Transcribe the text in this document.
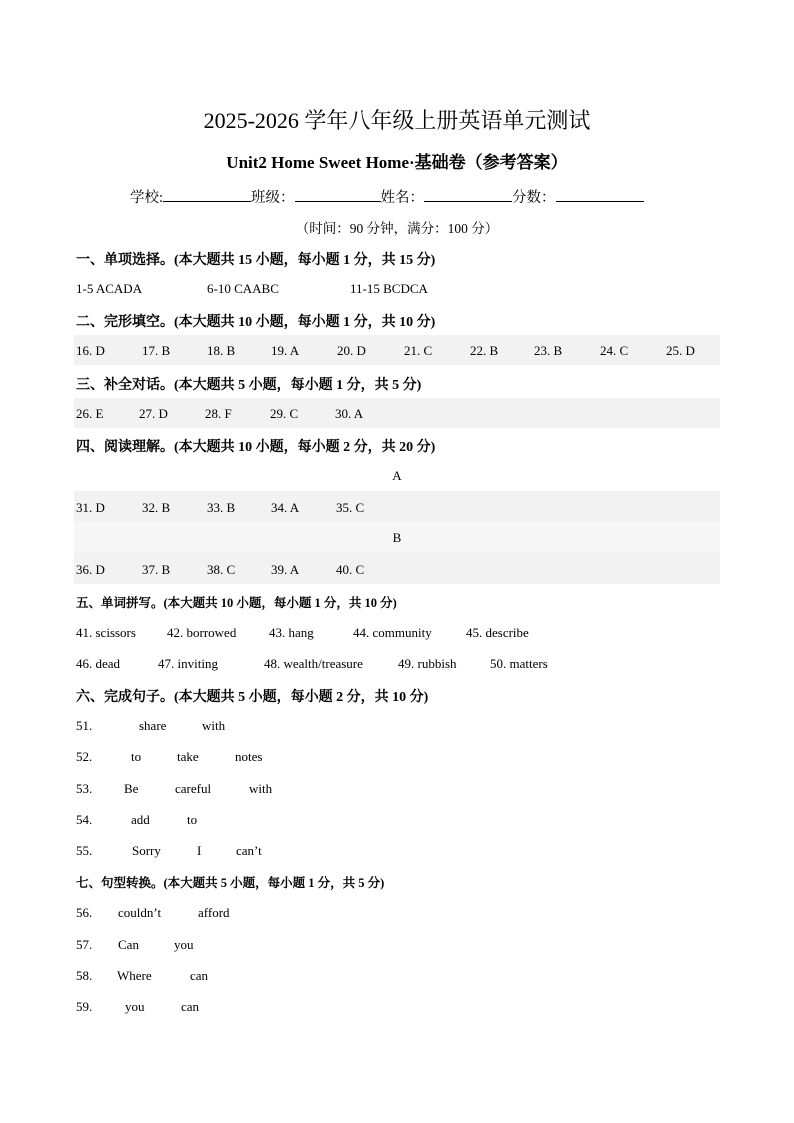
2025-2026 学年八年级上册英语单元测试
Unit2 Home Sweet Home·基础卷（参考答案）
学校:	班级：	姓名：	分数：
（时间：90 分钟，满分：100 分）
一、单项选择。(本大题共 15 小题，每小题 1 分，共 15 分)
1-5 ACADA	6-10 CAABC	11-15 BCDCA
二、完形填空。(本大题共 10 小题，每小题 1 分，共 10 分)
16. D	17. B	18. B	19. A	20. D	21. C	22. B	23. B	24. C	25. D
三、补全对话。(本大题共 5 小题，每小题 1 分，共 5 分)
26. E	27. D	28. F	29. C	30. A
四、阅读理解。(本大题共 10 小题，每小题 2 分，共 20 分)
A
31. D	32. B	33. B	34. A	35. C
B
36. D	37. B	38. C	39. A	40. C
五、单词拼写。(本大题共 10 小题，每小题 1 分，共 10 分)
41. scissors 42. borrowed	43. hang	44. community	45. describe
46. dead	47. inviting	48. wealth/treasure	49. rubbish	50. matters
六、完成句子。(本大题共 5 小题，每小题 2 分，共 10 分)
51.	share	with
52.	to	take	notes
53. Be	careful	with
54.	add	to
55.	Sorry	I	can’t
七、句型转换。(本大题共 5 小题，每小题 1 分，共 5 分)
56. couldn’t	afford
57. Can	you
58. Where	can
59.	you	can
